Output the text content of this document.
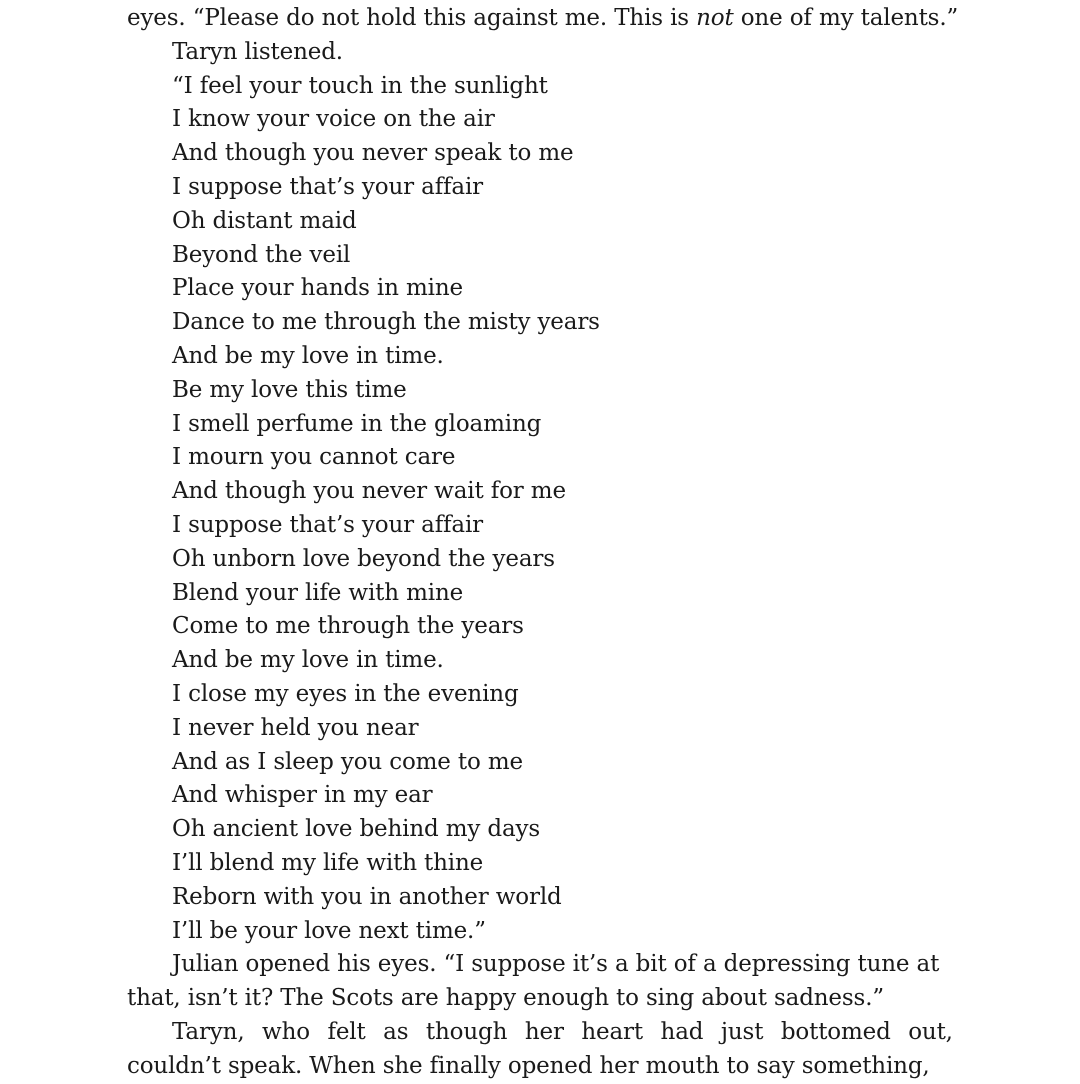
eyes. “Please do not hold this against me. This is not one of my talents.”
Taryn listened.
“I feel your touch in the sunlight
I know your voice on the air
And though you never speak to me
I suppose that’s your affair
Oh distant maid
Beyond the veil
Place your hands in mine
Dance to me through the misty years
And be my love in time.
Be my love this time
I smell perfume in the gloaming
I mourn you cannot care
And though you never wait for me
I suppose that’s your affair
Oh unborn love beyond the years
Blend your life with mine
Come to me through the years
And be my love in time.
I close my eyes in the evening
I never held you near
And as I sleep you come to me
And whisper in my ear
Oh ancient love behind my days
I’ll blend my life with thine
Reborn with you in another world
I’ll be your love next time.”
Julian opened his eyes. “I suppose it’s a bit of a depressing tune at
that, isn’t it? The Scots are happy enough to sing about sadness.”
Taryn, who felt as though her heart had just bottomed out,
couldn’t speak. When she finally opened her mouth to say something,
